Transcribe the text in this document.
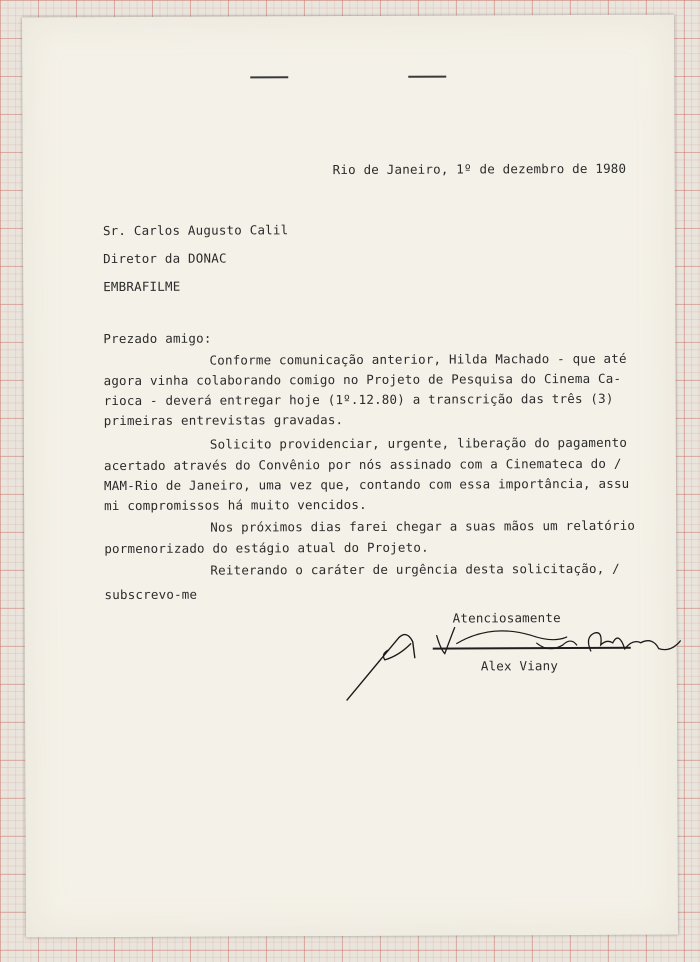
Rio de Janeiro, 1º de dezembro de 1980
Sr. Carlos Augusto Calil
Diretor da DONAC
EMBRAFILME
Prezado amigo:
Conforme comunicação anterior, Hilda Machado - que até
agora vinha colaborando comigo no Projeto de Pesquisa do Cinema Ca-
rioca - deverá entregar hoje (1º.12.80) a transcrição das três (3)
primeiras entrevistas gravadas.
Solicito providenciar, urgente, liberação do pagamento
acertado através do Convênio por nós assinado com a Cinemateca do /
MAM-Rio de Janeiro, uma vez que, contando com essa importância, assu
mi compromissos há muito vencidos.
Nos próximos dias farei chegar a suas mãos um relatório
pormenorizado do estágio atual do Projeto.
Reiterando o caráter de urgência desta solicitação, /
subscrevo-me
Atenciosamente
Alex Viany
